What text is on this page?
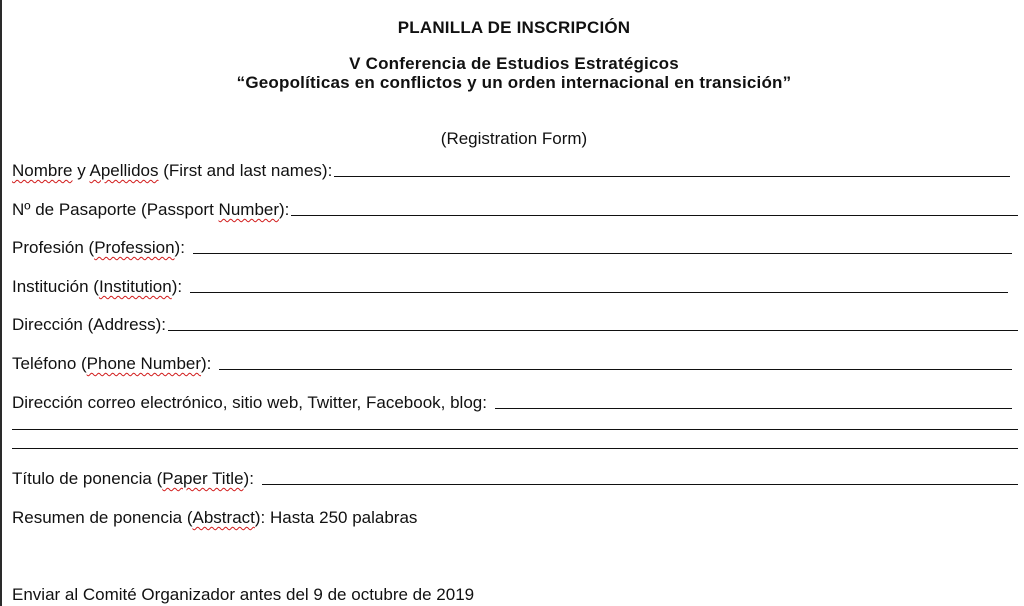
PLANILLA DE INSCRIPCIÓN
V Conferencia de Estudios Estratégicos
“Geopolíticas en conflictos y un orden internacional en transición”
(Registration Form)
Nombre y Apellidos (First and last names):
Nº de Pasaporte (Passport Number):
Profesión (Profession):
Institución (Institution):
Dirección (Address):
Teléfono (Phone Number):
Dirección correo electrónico, sitio web, Twitter, Facebook, blog:
Título de ponencia (Paper Title):
Resumen de ponencia (Abstract): Hasta 250 palabras
Enviar al Comité Organizador antes del 9 de octubre de 2019
